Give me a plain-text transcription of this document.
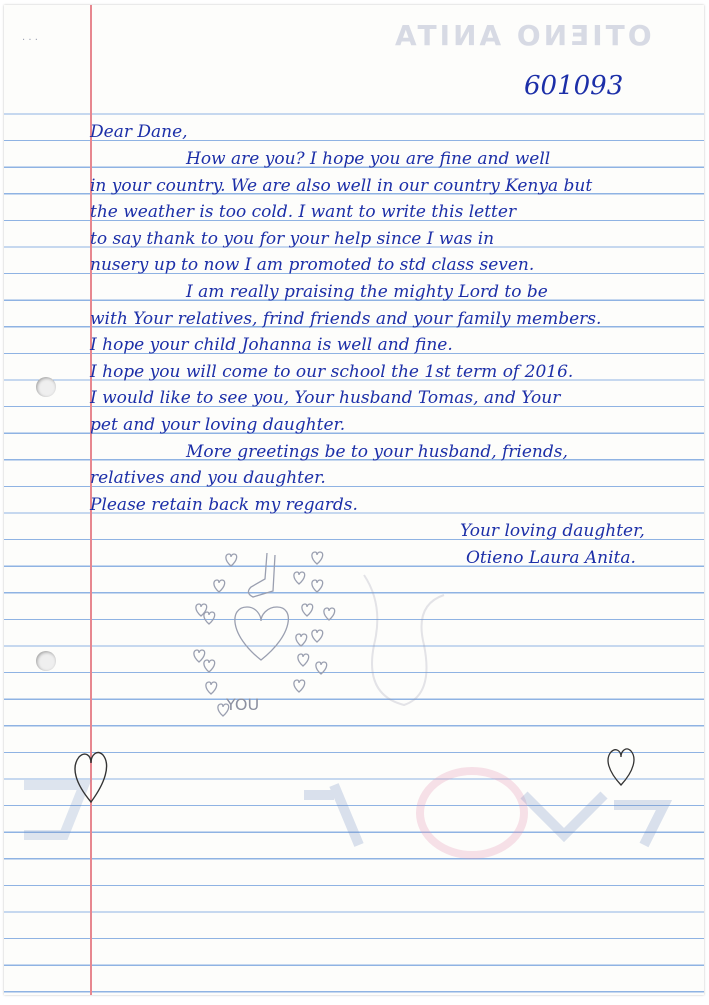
OTIENO ANITA
· · ·
601093
Dear Dane,
How are you? I hope you are fine and well
in your country. We are also well in our country Kenya but
the weather is too cold. I want to write this letter
to say thank to you for your help since I was in
nusery up to now I am promoted to std class seven.
I am really praising the mighty Lord to be
with Your relatives, frind friends and your family members.
I hope your child Johanna is well and fine.
I hope you will come to our school the 1st term of 2016.
I would like to see you, Your husband Tomas, and Your
pet and your loving daughter.
More greetings be to your husband, friends,
relatives and you daughter.
Please retain back my regards.
Your loving daughter,
Otieno Laura Anita.
YOU
